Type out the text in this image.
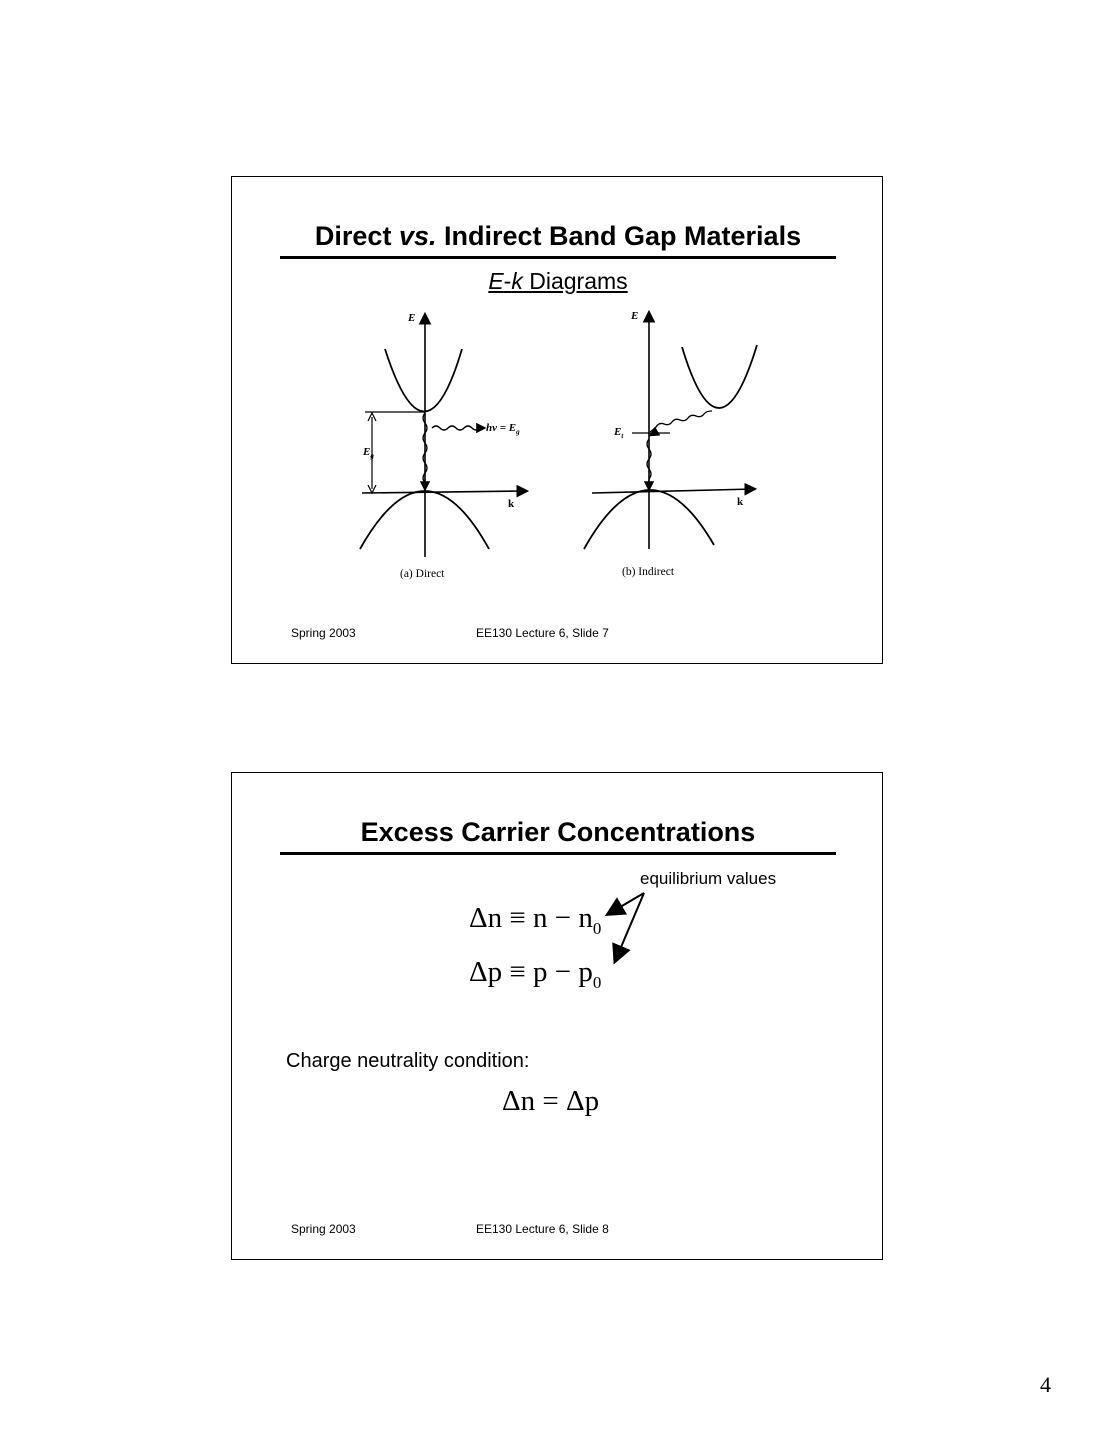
Direct vs. Indirect Band Gap Materials
E-k Diagrams
E
k
$E_g$
$h\nu = E_g$
(a) Direct
E
k
$E_t$
(b) Indirect
Spring 2003	EE130 Lecture 6, Slide 7
Excess Carrier Concentrations
equilibrium values
$\Delta n \equiv n - n_0$
$\Delta p \equiv p - p_0$
Charge neutrality condition:
Δn = Δp
Spring 2003	EE130 Lecture 6, Slide 8
4
